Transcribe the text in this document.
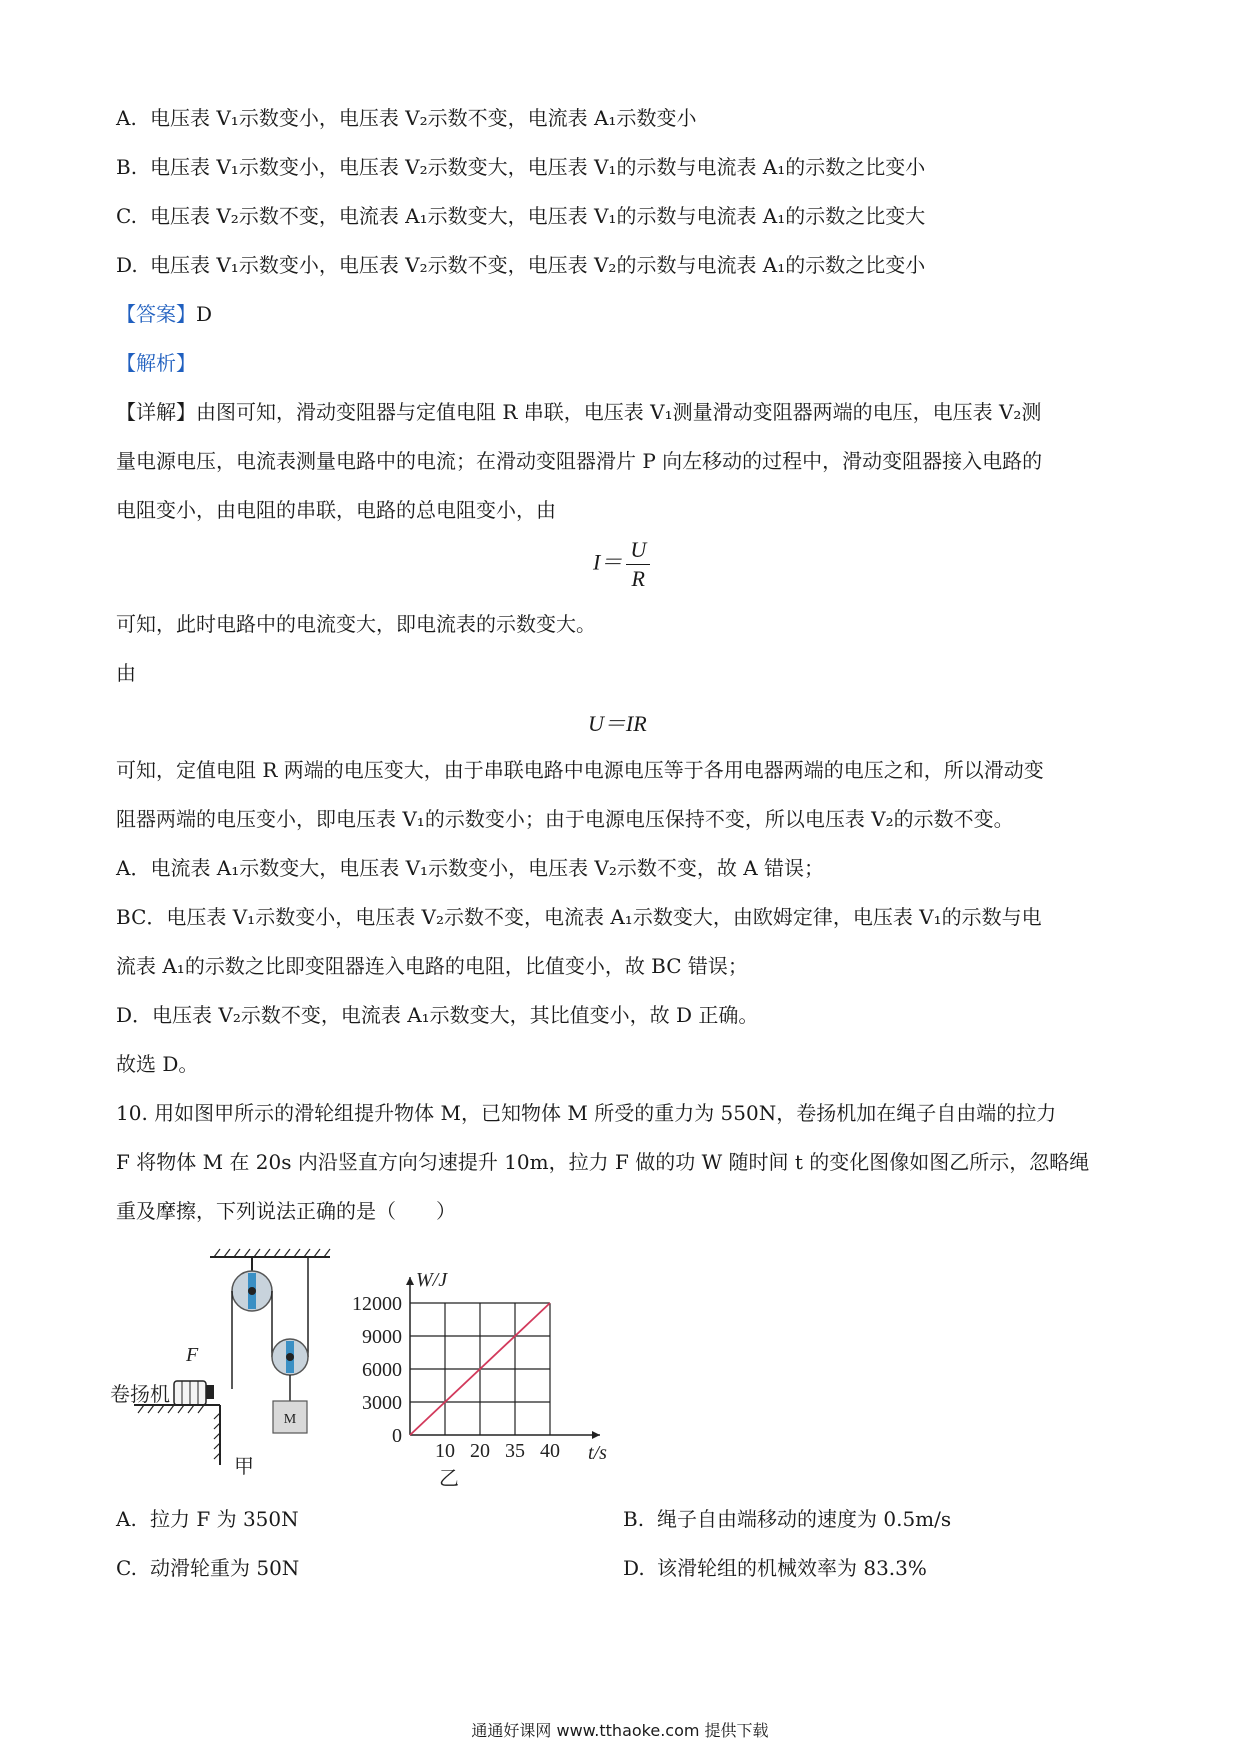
A. 电压表 V₁示数变小，电压表 V₂示数不变，电流表 A₁示数变小
B. 电压表 V₁示数变小，电压表 V₂示数变大，电压表 V₁的示数与电流表 A₁的示数之比变小
C. 电压表 V₂示数不变，电流表 A₁示数变大，电压表 V₁的示数与电流表 A₁的示数之比变大
D. 电压表 V₁示数变小，电压表 V₂示数不变，电压表 V₂的示数与电流表 A₁的示数之比变小
【答案】D
【解析】
【详解】由图可知，滑动变阻器与定值电阻 R 串联，电压表 V₁测量滑动变阻器两端的电压，电压表 V₂测
量电源电压，电流表测量电路中的电流；在滑动变阻器滑片 P 向左移动的过程中，滑动变阻器接入电路的
电阻变小，由电阻的串联，电路的总电阻变小，由
$I= \frac{U}{R}$
可知，此时电路中的电流变大，即电流表的示数变大。
由
U＝IR
可知，定值电阻 R 两端的电压变大，由于串联电路中电源电压等于各用电器两端的电压之和，所以滑动变
阻器两端的电压变小，即电压表 V₁的示数变小；由于电源电压保持不变，所以电压表 V₂的示数不变。
A．电流表 A₁示数变大，电压表 V₁示数变小，电压表 V₂示数不变，故 A 错误；
BC．电压表 V₁示数变小，电压表 V₂示数不变，电流表 A₁示数变大，由欧姆定律，电压表 V₁的示数与电
流表 A₁的示数之比即变阻器连入电路的电阻，比值变小，故 BC 错误；
D．电压表 V₂示数不变，电流表 A₁示数变大，其比值变小，故 D 正确。
故选 D。
10. 用如图甲所示的滑轮组提升物体 M，已知物体 M 所受的重力为 550N，卷扬机加在绳子自由端的拉力
F 将物体 M 在 20s 内沿竖直方向匀速提升 10m，拉力 F 做的功 W 随时间 t 的变化图像如图乙所示，忽略绳
重及摩擦，下列说法正确的是（　　）
M
F
卷扬机
甲
10 20 35 40
0
3000
6000
9000
12000
W/J
t/s
乙
A. 拉力 F 为 350N	B. 绳子自由端移动的速度为 0.5m/s
C. 动滑轮重为 50N	D. 该滑轮组的机械效率为 83.3%
通通好课网 www.tthaoke.com 提供下载
